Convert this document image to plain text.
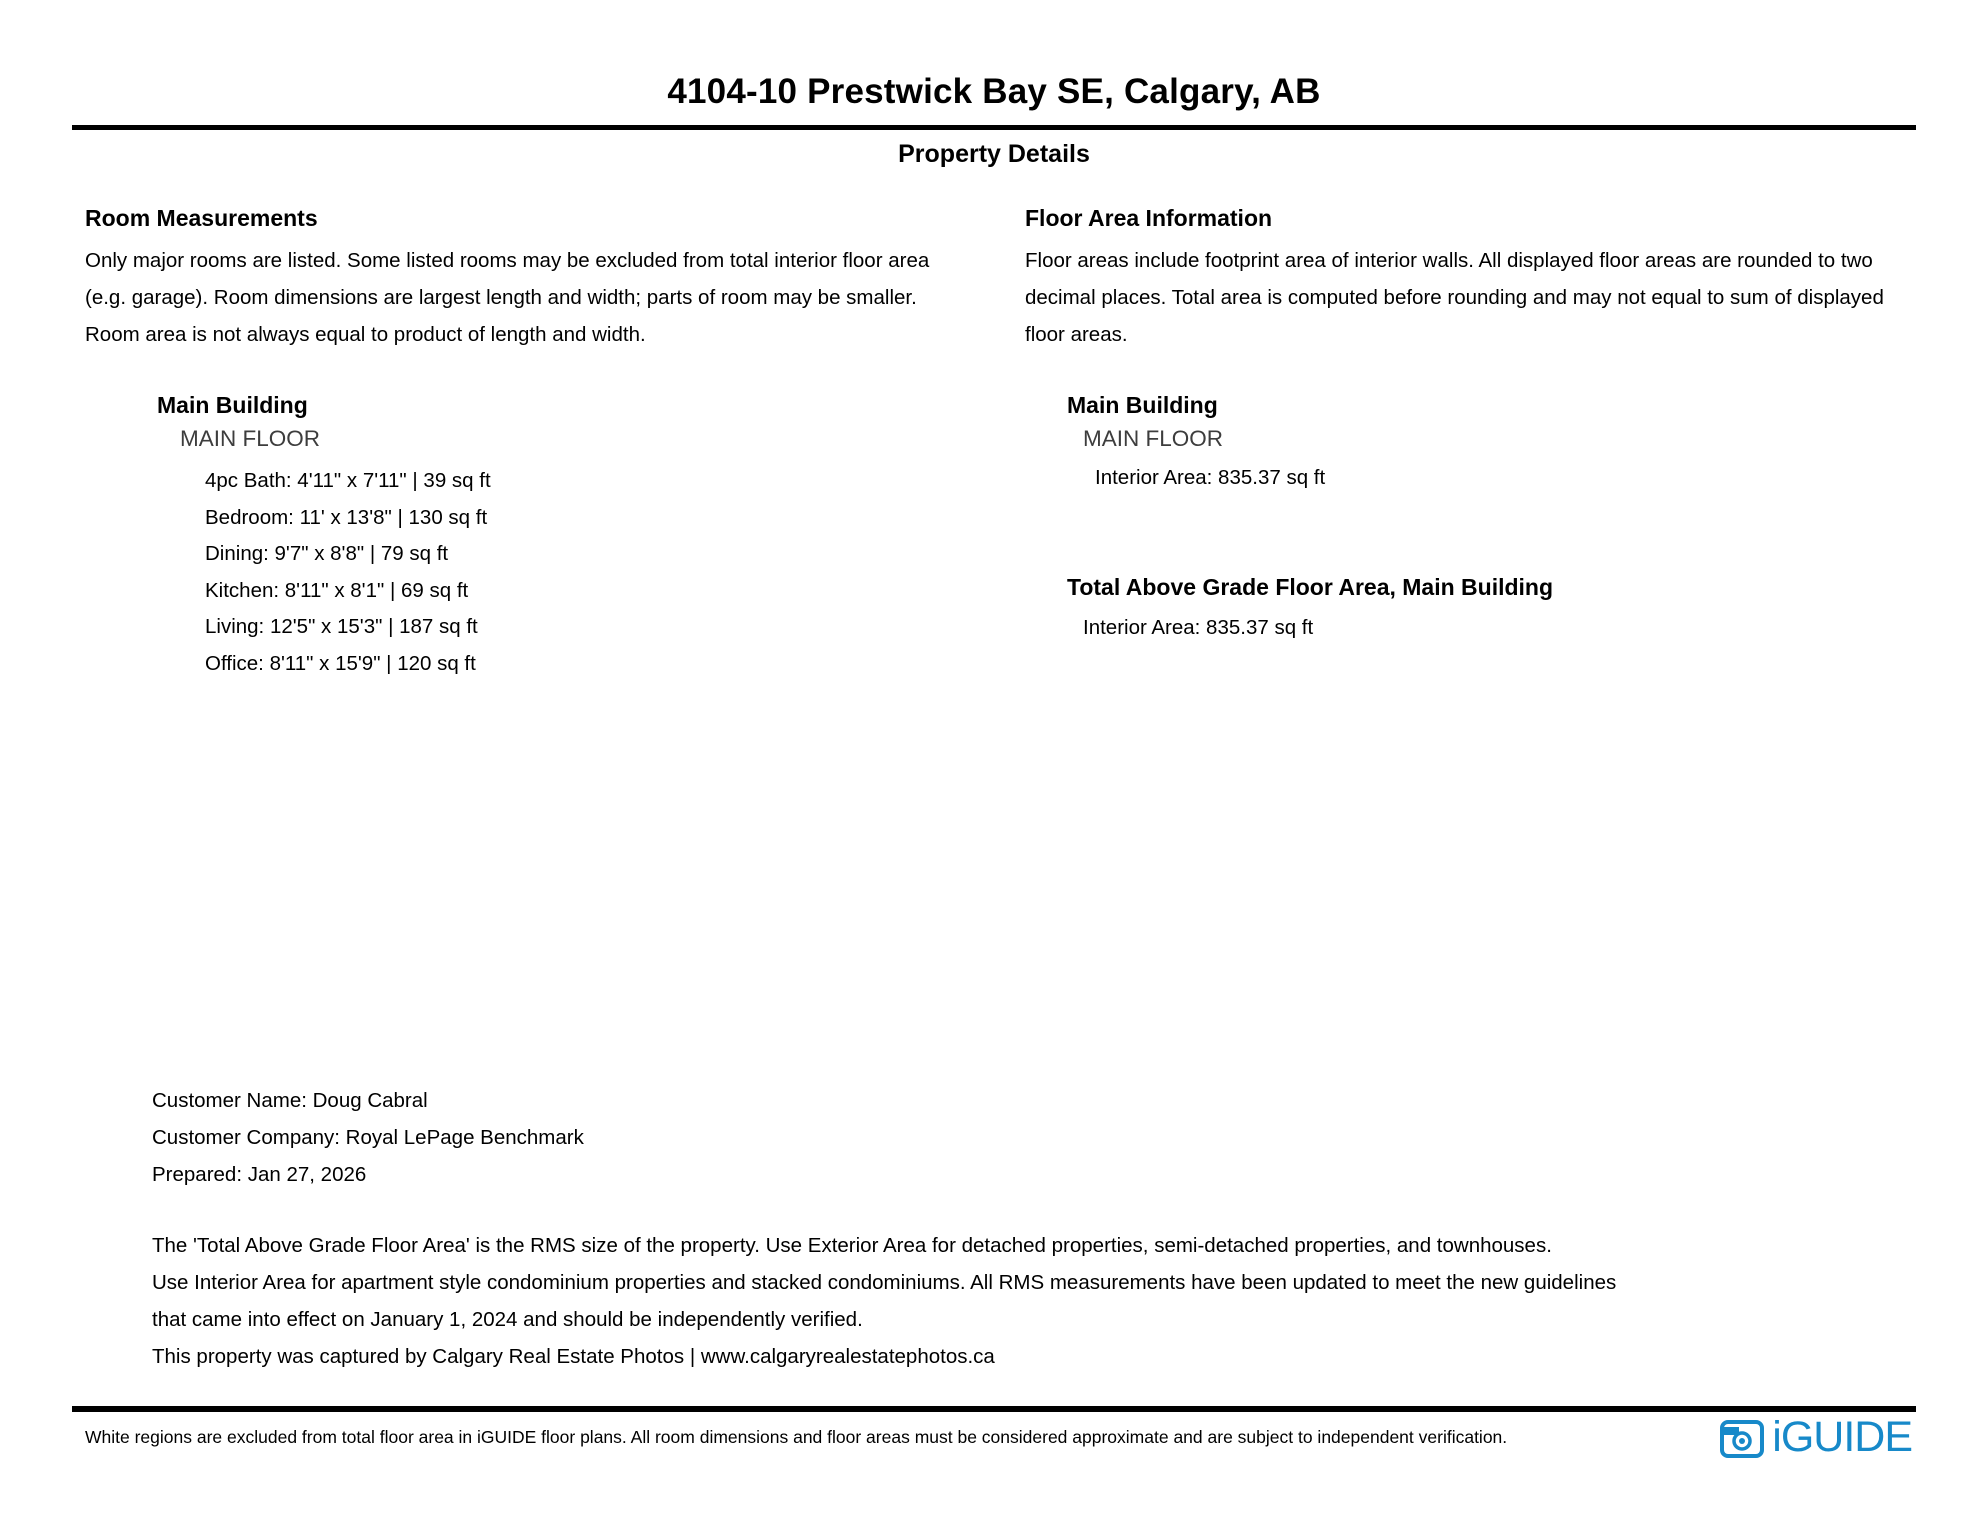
4104-10 Prestwick Bay SE, Calgary, AB
Property Details
Room Measurements
Only major rooms are listed. Some listed rooms may be excluded from total interior floor area
(e.g. garage). Room dimensions are largest length and width; parts of room may be smaller.
Room area is not always equal to product of length and width.
Main Building
MAIN FLOOR
4pc Bath: 4'11" x 7'11" | 39 sq ft
Bedroom: 11' x 13'8" | 130 sq ft
Dining: 9'7" x 8'8" | 79 sq ft
Kitchen: 8'11" x 8'1" | 69 sq ft
Living: 12'5" x 15'3" | 187 sq ft
Office: 8'11" x 15'9" | 120 sq ft
Floor Area Information
Floor areas include footprint area of interior walls. All displayed floor areas are rounded to two
decimal places. Total area is computed before rounding and may not equal to sum of displayed
floor areas.
Main Building
MAIN FLOOR
Interior Area: 835.37 sq ft
Total Above Grade Floor Area, Main Building
Interior Area: 835.37 sq ft
Customer Name: Doug Cabral
Customer Company: Royal LePage Benchmark
Prepared: Jan 27, 2026
The 'Total Above Grade Floor Area' is the RMS size of the property. Use Exterior Area for detached properties, semi-detached properties, and townhouses.
Use Interior Area for apartment style condominium properties and stacked condominiums. All RMS measurements have been updated to meet the new guidelines
that came into effect on January 1, 2024 and should be independently verified.
This property was captured by Calgary Real Estate Photos | www.calgaryrealestatephotos.ca
White regions are excluded from total floor area in iGUIDE floor plans. All room dimensions and floor areas must be considered approximate and are subject to independent verification.	iGUIDE
